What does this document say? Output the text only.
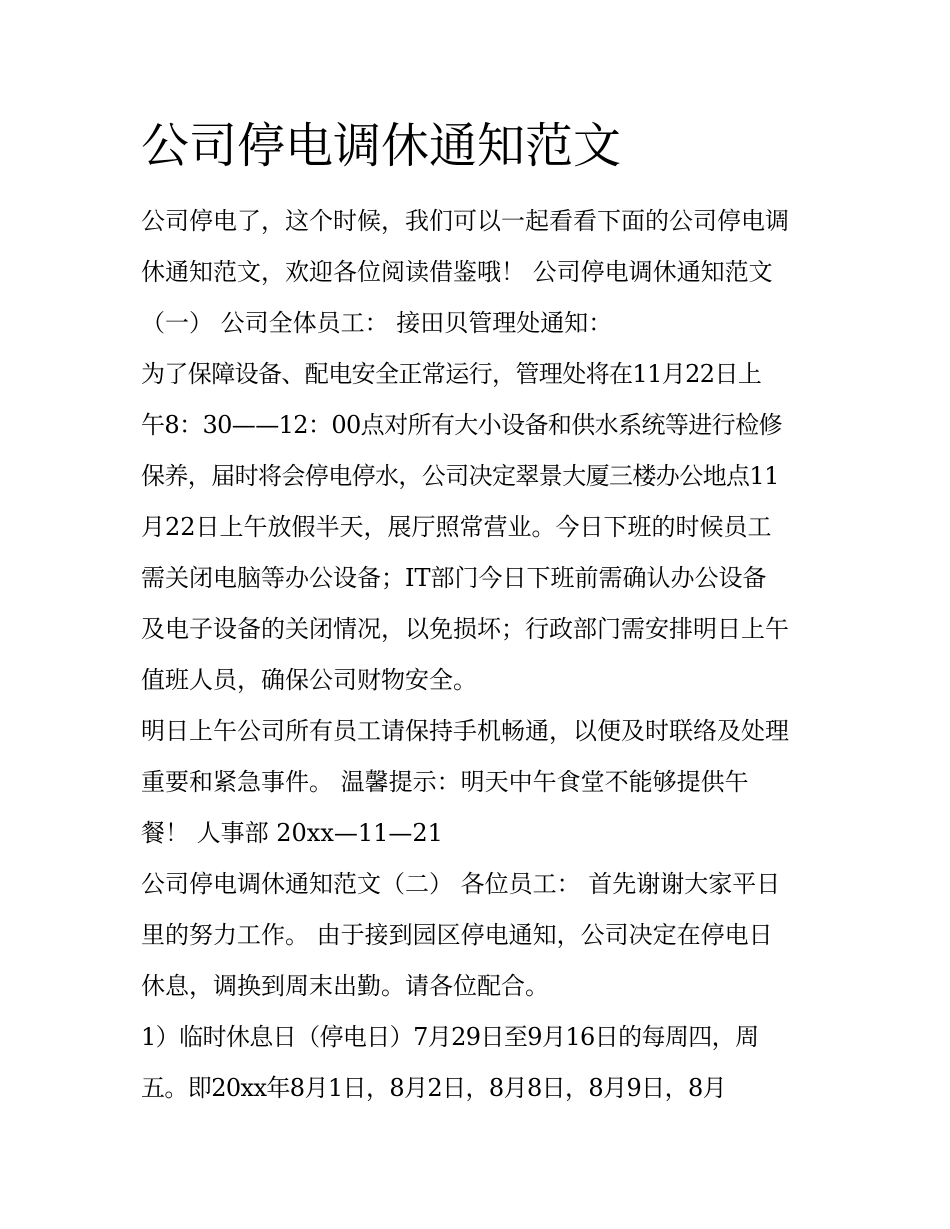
公司停电调休通知范文
公司停电了，这个时候，我们可以一起看看下面的公司停电调
休通知范文，欢迎各位阅读借鉴哦！ 公司停电调休通知范文
（一） 公司全体员工： 接田贝管理处通知：
为了保障设备、配电安全正常运行，管理处将在11月22日上
午8：30——12：00点对所有大小设备和供水系统等进行检修
保养，届时将会停电停水，公司决定翠景大厦三楼办公地点11
月22日上午放假半天，展厅照常营业。今日下班的时候员工
需关闭电脑等办公设备；IT部门今日下班前需确认办公设备
及电子设备的关闭情况，以免损坏；行政部门需安排明日上午
值班人员，确保公司财物安全。
明日上午公司所有员工请保持手机畅通，以便及时联络及处理
重要和紧急事件。 温馨提示：明天中午食堂不能够提供午
餐！ 人事部 20xx—11—21
公司停电调休通知范文（二） 各位员工： 首先谢谢大家平日
里的努力工作。 由于接到园区停电通知，公司决定在停电日
休息，调换到周末出勤。请各位配合。
1）临时休息日（停电日）7月29日至9月16日的每周四，周
五。即20xx年8月1日，8月2日，8月8日，8月9日，8月
